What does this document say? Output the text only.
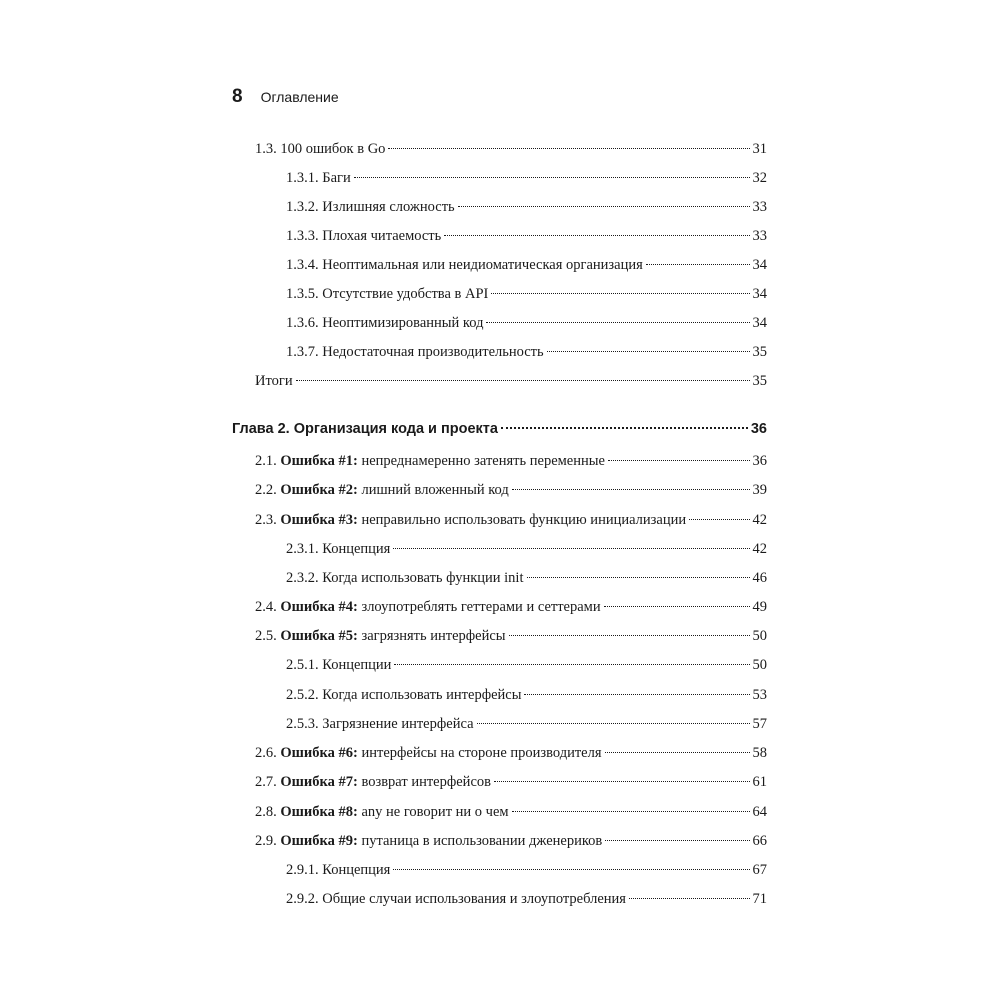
8 Оглавление
1.3. 100 ошибок в Go	31
1.3.1. Баги	32
1.3.2. Излишняя сложность	33
1.3.3. Плохая читаемость	33
1.3.4. Неоптимальная или неидиоматическая организация	34
1.3.5. Отсутствие удобства в API	34
1.3.6. Неоптимизированный код	34
1.3.7. Недостаточная производительность	35
Итоги	35
Глава 2. Организация кода и проекта	36
2.1. Ошибка #1: непреднамеренно затенять переменные	36
2.2. Ошибка #2: лишний вложенный код	39
2.3. Ошибка #3: неправильно использовать функцию инициализации	42
2.3.1. Концепция	42
2.3.2. Когда использовать функции init	46
2.4. Ошибка #4: злоупотреблять геттерами и сеттерами	49
2.5. Ошибка #5: загрязнять интерфейсы	50
2.5.1. Концепции	50
2.5.2. Когда использовать интерфейсы	53
2.5.3. Загрязнение интерфейса	57
2.6. Ошибка #6: интерфейсы на стороне производителя	58
2.7. Ошибка #7: возврат интерфейсов	61
2.8. Ошибка #8: any не говорит ни о чем	64
2.9. Ошибка #9: путаница в использовании дженериков	66
2.9.1. Концепция	67
2.9.2. Общие случаи использования и злоупотребления	71
